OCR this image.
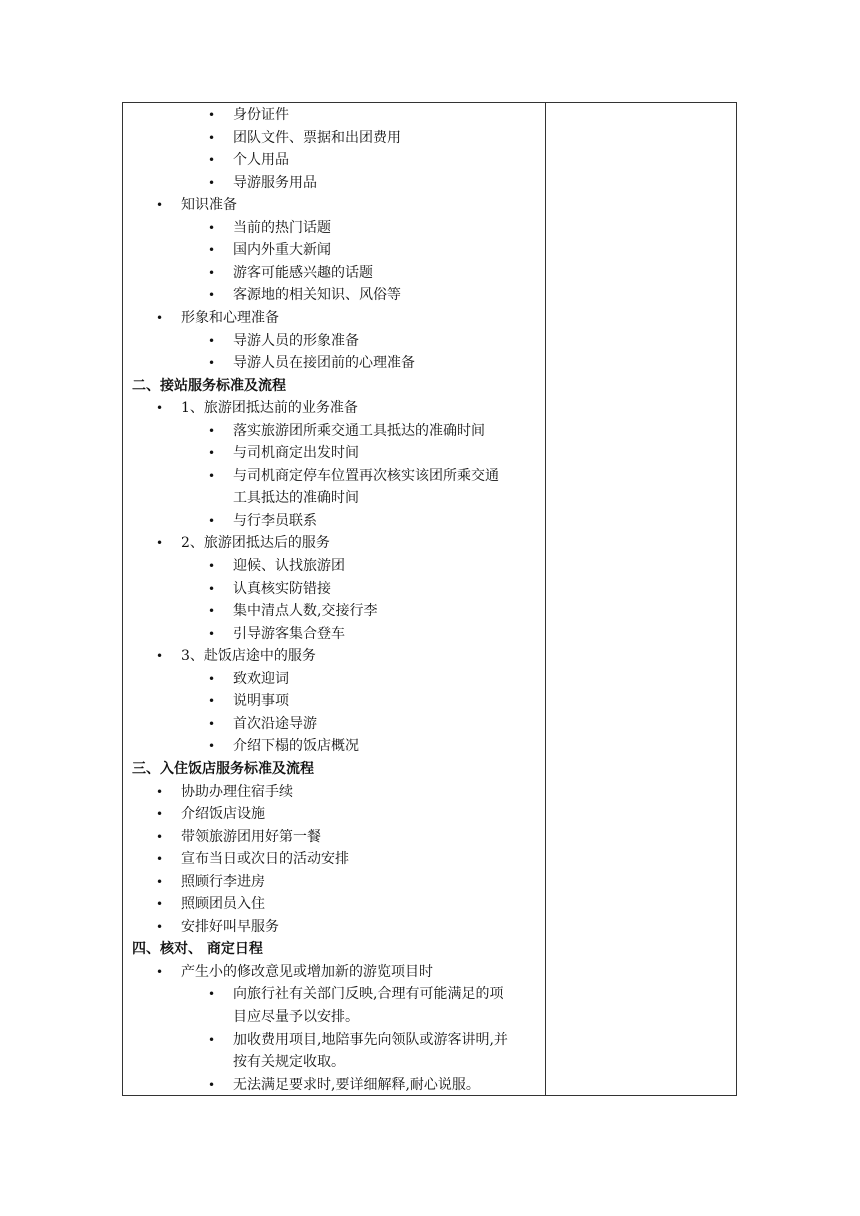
• 身份证件
• 团队文件、票据和出团费用
• 个人用品
• 导游服务用品
• 知识准备
• 当前的热门话题
• 国内外重大新闻
• 游客可能感兴趣的话题
• 客源地的相关知识、风俗等
• 形象和心理准备
• 导游人员的形象准备
• 导游人员在接团前的心理准备
二、接站服务标准及流程
• 1、旅游团抵达前的业务准备
• 落实旅游团所乘交通工具抵达的准确时间
• 与司机商定出发时间
• 与司机商定停车位置再次核实该团所乘交通
工具抵达的准确时间
• 与行李员联系
• 2、旅游团抵达后的服务
• 迎候、认找旅游团
• 认真核实防错接
• 集中清点人数,交接行李
• 引导游客集合登车
• 3、赴饭店途中的服务
• 致欢迎词
• 说明事项
• 首次沿途导游
• 介绍下榻的饭店概况
三、入住饭店服务标准及流程
• 协助办理住宿手续
• 介绍饭店设施
• 带领旅游团用好第一餐
• 宣布当日或次日的活动安排
• 照顾行李进房
• 照顾团员入住
• 安排好叫早服务
四、核对、 商定日程
• 产生小的修改意见或增加新的游览项目时
• 向旅行社有关部门反映,合理有可能满足的项
目应尽量予以安排。
• 加收费用项目,地陪事先向领队或游客讲明,并
按有关规定收取。
• 无法满足要求时,要详细解释,耐心说服。
